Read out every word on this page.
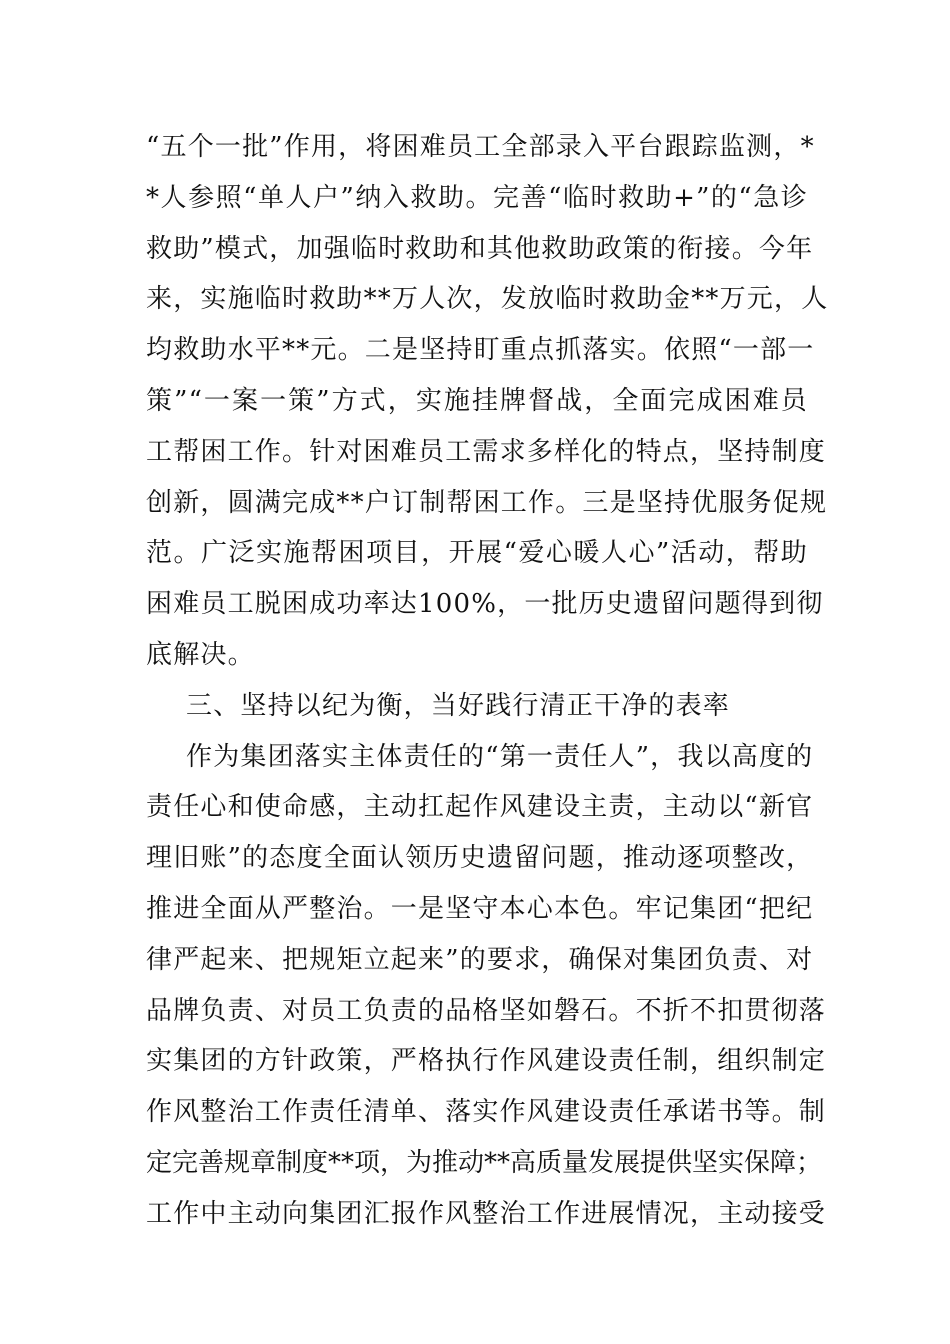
“五个一批”作用，将困难员工全部录入平台跟踪监测，*
*人参照“单人户”纳入救助。完善“临时救助+”的“急诊
救助”模式，加强临时救助和其他救助政策的衔接。今年
来，实施临时救助**万人次，发放临时救助金**万元，人
均救助水平**元。二是坚持盯重点抓落实。依照“一部一
策”“一案一策”方式，实施挂牌督战，全面完成困难员
工帮困工作。针对困难员工需求多样化的特点，坚持制度
创新，圆满完成**户订制帮困工作。三是坚持优服务促规
范。广泛实施帮困项目，开展“爱心暖人心”活动，帮助
困难员工脱困成功率达100%，一批历史遗留问题得到彻
底解决。
三、坚持以纪为衡，当好践行清正干净的表率
作为集团落实主体责任的“第一责任人”，我以高度的
责任心和使命感，主动扛起作风建设主责，主动以“新官
理旧账”的态度全面认领历史遗留问题，推动逐项整改，
推进全面从严整治。一是坚守本心本色。牢记集团“把纪
律严起来、把规矩立起来”的要求，确保对集团负责、对
品牌负责、对员工负责的品格坚如磐石。不折不扣贯彻落
实集团的方针政策，严格执行作风建设责任制，组织制定
作风整治工作责任清单、落实作风建设责任承诺书等。制
定完善规章制度**项，为推动**高质量发展提供坚实保障；
工作中主动向集团汇报作风整治工作进展情况，主动接受
